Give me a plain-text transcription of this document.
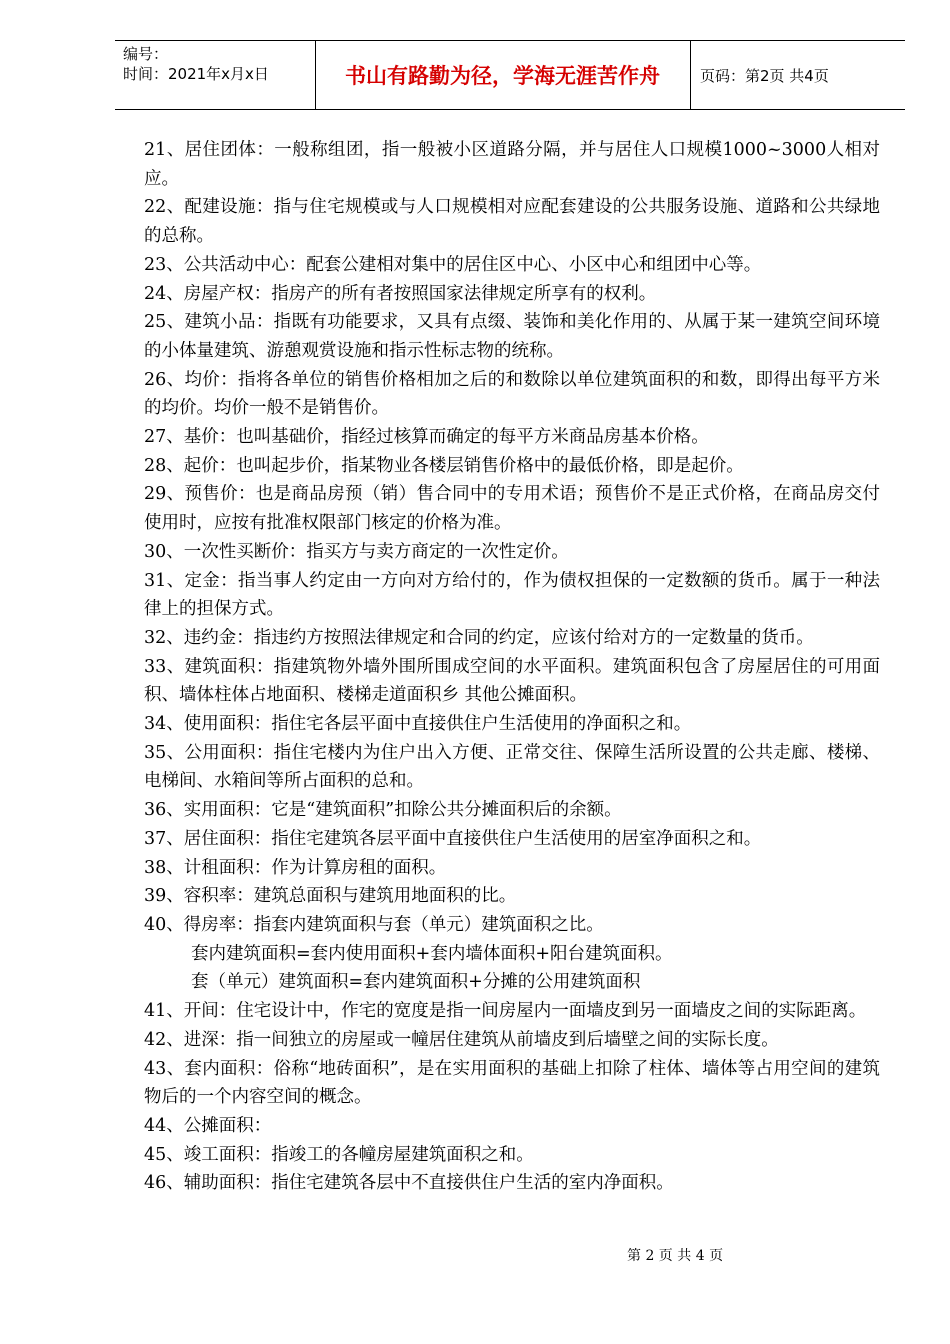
编号：
时间：2021年x月x日	书山有路勤为径，学海无涯苦作舟	页码：第2页 共4页

21、居住团体：一般称组团，指一般被小区道路分隔，并与居住人口规模1000~3000人相对应。

22、配建设施：指与住宅规模或与人口规模相对应配套建设的公共服务设施、道路和公共绿地的总称。

23、公共活动中心：配套公建相对集中的居住区中心、小区中心和组团中心等。

24、房屋产权：指房产的所有者按照国家法律规定所享有的权利。

25、建筑小品：指既有功能要求，又具有点缀、装饰和美化作用的、从属于某一建筑空间环境的小体量建筑、游憩观赏设施和指示性标志物的统称。

26、均价：指将各单位的销售价格相加之后的和数除以单位建筑面积的和数，即得出每平方米的均价。均价一般不是销售价。

27、基价：也叫基础价，指经过核算而确定的每平方米商品房基本价格。

28、起价：也叫起步价，指某物业各楼层销售价格中的最低价格，即是起价。

29、预售价：也是商品房预（销）售合同中的专用术语；预售价不是正式价格，在商品房交付使用时，应按有批准权限部门核定的价格为准。

30、一次性买断价：指买方与卖方商定的一次性定价。

31、定金：指当事人约定由一方向对方给付的，作为债权担保的一定数额的货币。属于一种法律上的担保方式。

32、违约金：指违约方按照法律规定和合同的约定，应该付给对方的一定数量的货币。

33、建筑面积：指建筑物外墙外围所围成空间的水平面积。建筑面积包含了房屋居住的可用面积、墙体柱体占地面积、楼梯走道面积乡 其他公摊面积。

34、使用面积：指住宅各层平面中直接供住户生活使用的净面积之和。

35、公用面积：指住宅楼内为住户出入方便、正常交往、保障生活所设置的公共走廊、楼梯、电梯间、水箱间等所占面积的总和。

36、实用面积：它是“建筑面积”扣除公共分摊面积后的余额。

37、居住面积：指住宅建筑各层平面中直接供住户生活使用的居室净面积之和。

38、计租面积：作为计算房租的面积。

39、容积率：建筑总面积与建筑用地面积的比。

40、得房率：指套内建筑面积与套（单元）建筑面积之比。

套内建筑面积=套内使用面积+套内墙体面积+阳台建筑面积。

套（单元）建筑面积=套内建筑面积+分摊的公用建筑面积

41、开间：住宅设计中，作宅的宽度是指一间房屋内一面墙皮到另一面墙皮之间的实际距离。

42、进深：指一间独立的房屋或一幢居住建筑从前墙皮到后墙壁之间的实际长度。

43、套内面积：俗称“地砖面积”，是在实用面积的基础上扣除了柱体、墙体等占用空间的建筑物后的一个内容空间的概念。

44、公摊面积：

45、竣工面积：指竣工的各幢房屋建筑面积之和。

46、辅助面积：指住宅建筑各层中不直接供住户生活的室内净面积。

第 2 页 共 4 页
